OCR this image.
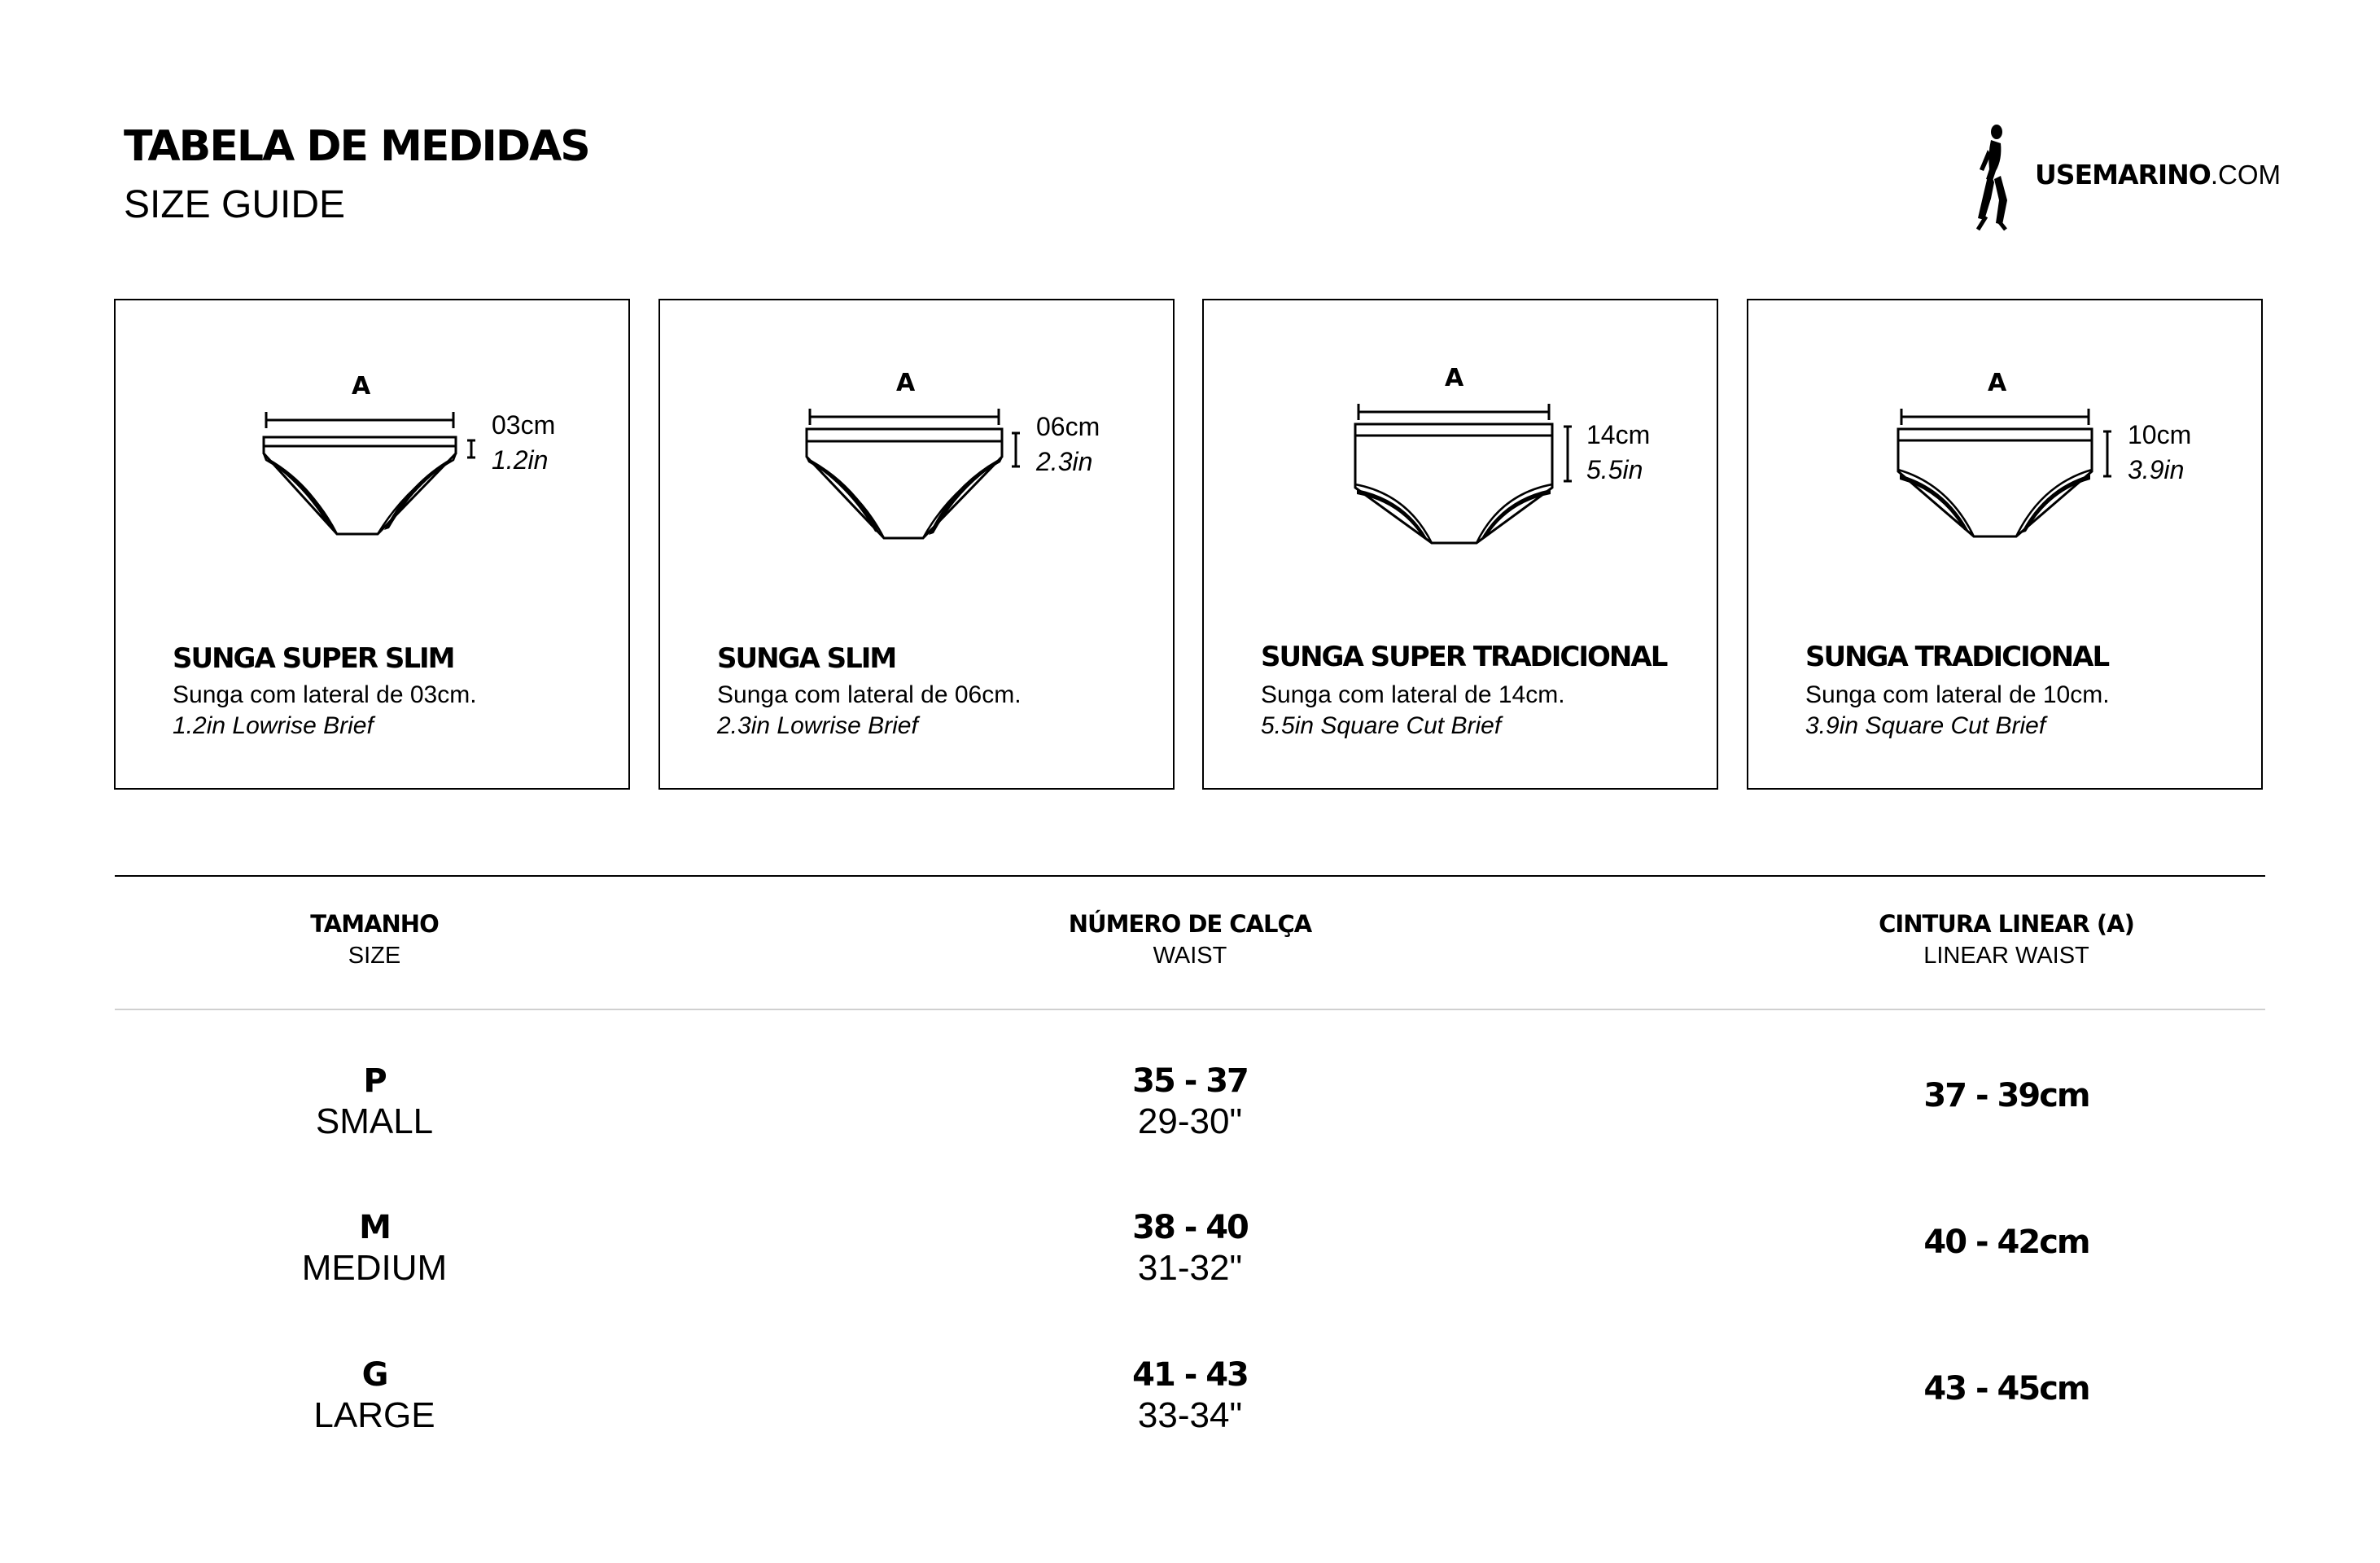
TABELA DE MEDIDAS
SIZE GUIDE
USEMARINO.COM
A
03cm
1.2in
SUNGA SUPER SLIM
Sunga com lateral de 03cm.
1.2in Lowrise Brief
A
06cm
2.3in
SUNGA SLIM
Sunga com lateral de 06cm.
2.3in Lowrise Brief
A
14cm
5.5in
SUNGA SUPER TRADICIONAL
Sunga com lateral de 14cm.
5.5in Square Cut Brief
A
10cm
3.9in
SUNGA TRADICIONAL
Sunga com lateral de 10cm.
3.9in Square Cut Brief
TAMANHO
SIZE
NÚMERO DE CALÇA
WAIST
CINTURA LINEAR (A)
LINEAR WAIST
P
SMALL
35 - 37
29-30"
37 - 39cm
M
MEDIUM
38 - 40
31-32"
40 - 42cm
G
LARGE
41 - 43
33-34"
43 - 45cm
